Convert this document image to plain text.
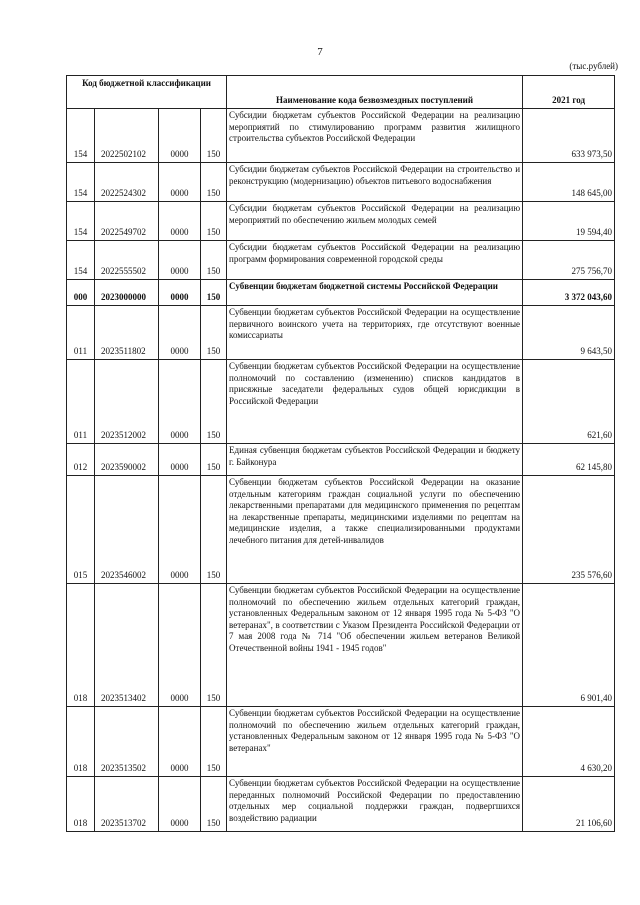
7
(тыс.рублей)
Код бюджетной классификации				Наименование кода безвозмездных поступлений	2021 год
154	2022502102	0000	150	Субсидии бюджетам субъектов Российской Федерации на реализацию мероприятий по стимулированию программ развития жилищного строительства субъектов Российской Федерации	633 973,50
154	2022524302	0000	150	Субсидии бюджетам субъектов Российской Федерации на строительство и реконструкцию (модернизацию) объектов питьевого водоснабжения	148 645,00
154	2022549702	0000	150	Субсидии бюджетам субъектов Российской Федерации на реализацию мероприятий по обеспечению жильем молодых семей	19 594,40
154	2022555502	0000	150	Субсидии бюджетам субъектов Российской Федерации на реализацию программ формирования современной городской среды	275 756,70
000	2023000000	0000	150	Субвенции бюджетам бюджетной системы Российской Федерации	3 372 043,60
011	2023511802	0000	150	Субвенции бюджетам субъектов Российской Федерации на осуществление первичного воинского учета на территориях, где отсутствуют военные комиссариаты	9 643,50
011	2023512002	0000	150	Субвенции бюджетам субъектов Российской Федерации на осуществление полномочий по составлению (изменению) списков кандидатов в присяжные заседатели федеральных судов общей юрисдикции в Российской Федерации	621,60
012	2023590002	0000	150	Единая субвенция бюджетам субъектов Российской Федерации и бюджету г. Байконура	62 145,80
015	2023546002	0000	150	Субвенции бюджетам субъектов Российской Федерации на оказание отдельным категориям граждан социальной услуги по обеспечению лекарственными препаратами для медицинского применения по рецептам на лекарственные препараты, медицинскими изделиями по рецептам на медицинские изделия, а также специализированными продуктами лечебного питания для детей-инвалидов	235 576,60
018	2023513402	0000	150	Субвенции бюджетам субъектов Российской Федерации на осуществление полномочий по обеспечению жильем отдельных категорий граждан, установленных Федеральным законом от 12 января 1995 года № 5-ФЗ "О ветеранах", в соответствии с Указом Президента Российской Федерации от 7 мая 2008 года № 714 "Об обеспечении жильем ветеранов Великой Отечественной войны 1941 - 1945 годов"	6 901,40
018	2023513502	0000	150	Субвенции бюджетам субъектов Российской Федерации на осуществление полномочий по обеспечению жильем отдельных категорий граждан, установленных Федеральным законом от 12 января 1995 года № 5-ФЗ "О ветеранах"	4 630,20
018	2023513702	0000	150	Субвенции бюджетам субъектов Российской Федерации на осуществление переданных полномочий Российской Федерации по предоставлению отдельных мер социальной поддержки граждан, подвергшихся воздействию радиации	21 106,60
